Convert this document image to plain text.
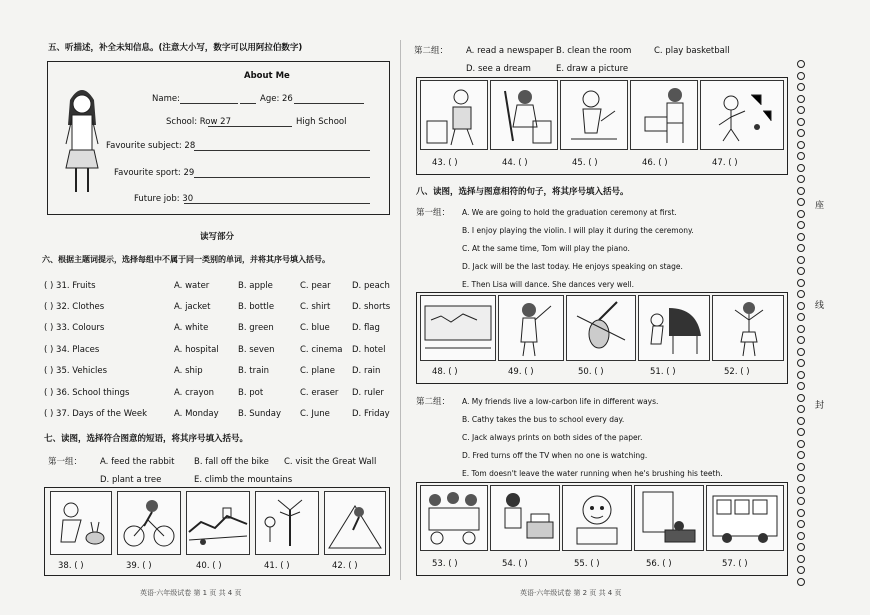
五、听描述，补全未知信息。(注意大小写，数字可以用阿拉伯数字)
About Me
Name:	Age: 26
School: Row 27	High School
Favourite subject: 28
Favourite sport: 29
Future job: 30
读写部分
六、根据主题词提示，选择每组中不属于同一类别的单词，并将其序号填入括号。
( ) 31. Fruits	A. water	B. apple	C. pear	D. peach
( ) 32. Clothes	A. jacket	B. bottle	C. shirt	D. shorts
( ) 33. Colours	A. white	B. green	C. blue	D. flag
( ) 34. Places	A. hospital B. seven	C. cinema D. hotel
( ) 35. Vehicles	A. ship	B. train	C. plane D. rain
( ) 36. School things	A. crayon	B. pot	C. eraser D. ruler
( ) 37. Days of the Week	A. Monday B. Sunday C. June	D. Friday
七、读图，选择符合图意的短语，将其序号填入括号。
第一组： A. feed the rabbit B. fall off the bike C. visit the Great Wall
D. plant a tree	E. climb the mountains
38. ( )	39. ( )	40. ( )	41. ( )	42. ( )
英语·六年级试卷 第 1 页 共 4 页
第二组： A. read a newspaper B. clean the room	C. play basketball
D. see a dream	E. draw a picture
43. ( )	44. ( )	45. ( )	46. ( )	47. ( )
八、读图，选择与图意相符的句子，将其序号填入括号。
第一组： A. We are going to hold the graduation ceremony at first.
B. I enjoy playing the violin. I will play it during the ceremony.
C. At the same time, Tom will play the piano.
D. Jack will be the last today. He enjoys speaking on stage.
E. Then Lisa will dance. She dances very well.
48. ( )	49. ( )	50. ( )	51. ( )	52. ( )
第二组： A. My friends live a low-carbon life in different ways.
B. Cathy takes the bus to school every day.
C. Jack always prints on both sides of the paper.
D. Fred turns off the TV when no one is watching.
E. Tom doesn't leave the water running when he's brushing his teeth.
53. ( )	54. ( )	55. ( )	56. ( )	57. ( )
英语·六年级试卷 第 2 页 共 4 页
座
线
封
